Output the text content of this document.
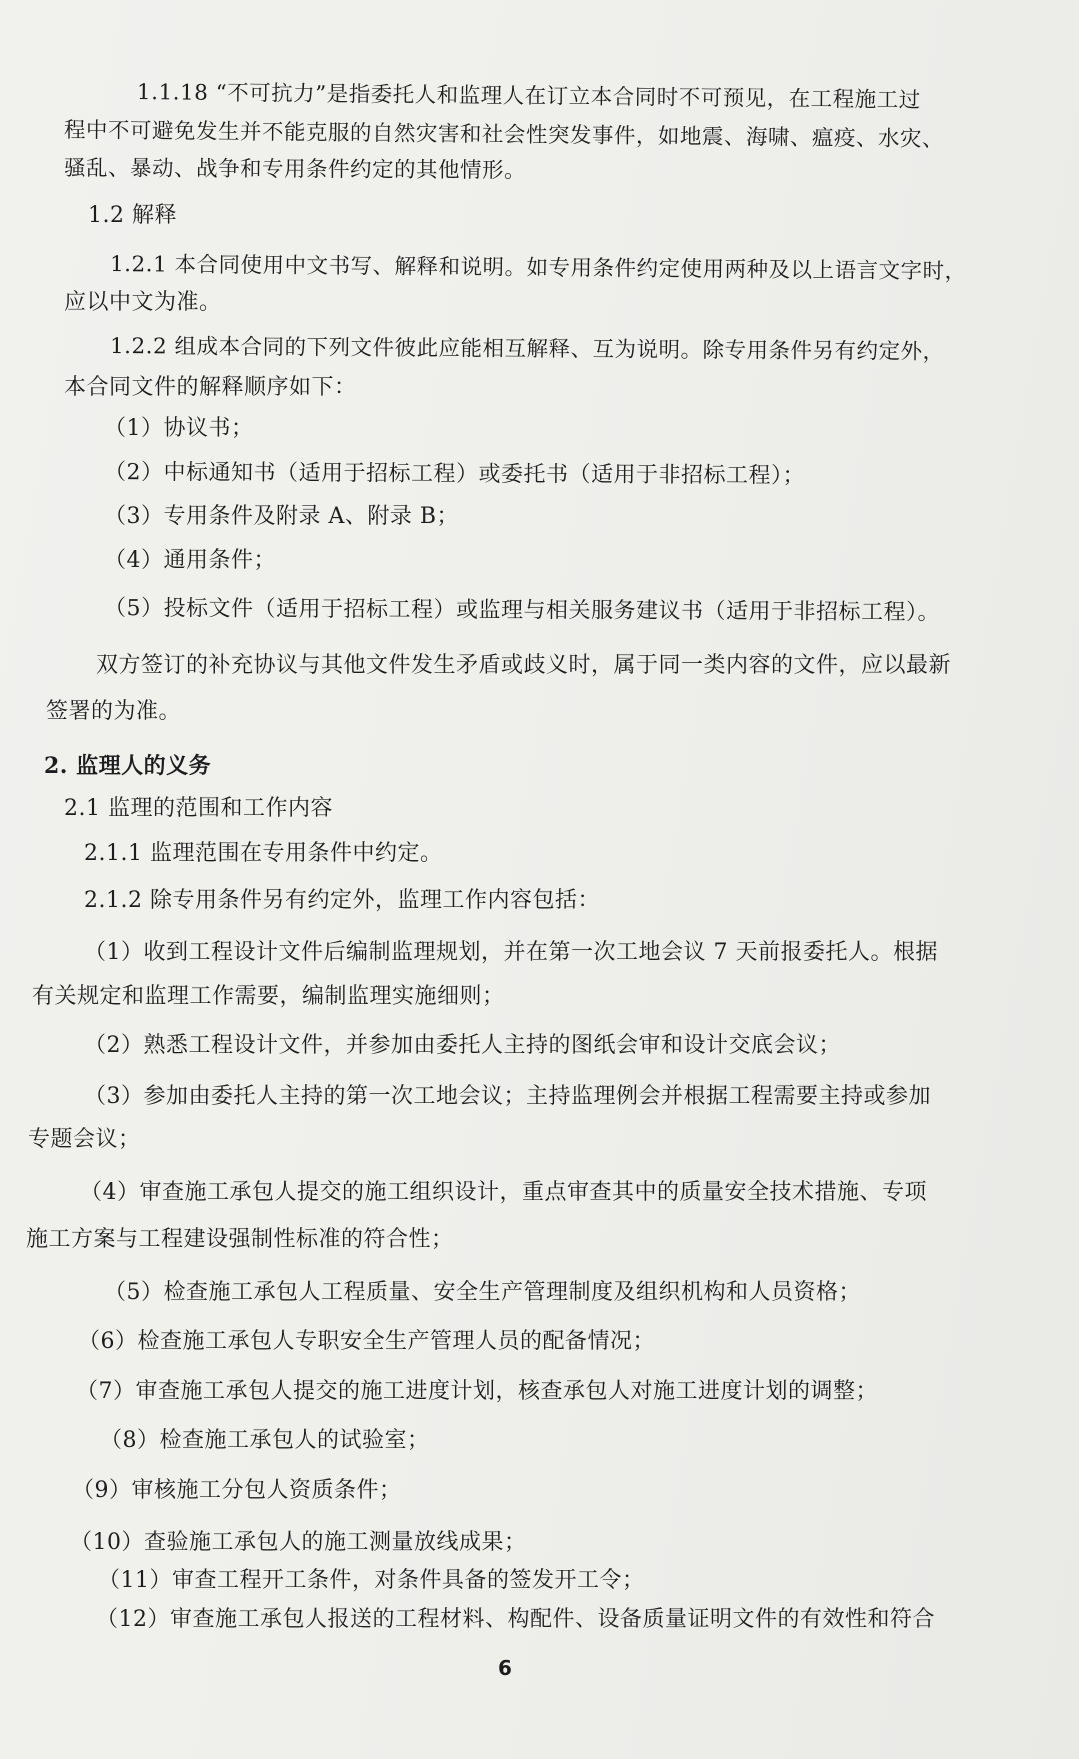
1.1.18 “不可抗力”是指委托人和监理人在订立本合同时不可预见，在工程施工过
程中不可避免发生并不能克服的自然灾害和社会性突发事件，如地震、海啸、瘟疫、水灾、
骚乱、暴动、战争和专用条件约定的其他情形。
1.2 解释
1.2.1 本合同使用中文书写、解释和说明。如专用条件约定使用两种及以上语言文字时，
应以中文为准。
1.2.2 组成本合同的下列文件彼此应能相互解释、互为说明。除专用条件另有约定外，
本合同文件的解释顺序如下：
（1）协议书；
（2）中标通知书（适用于招标工程）或委托书（适用于非招标工程）；
（3）专用条件及附录 A、附录 B；
（4）通用条件；
（5）投标文件（适用于招标工程）或监理与相关服务建议书（适用于非招标工程）。
双方签订的补充协议与其他文件发生矛盾或歧义时，属于同一类内容的文件，应以最新
签署的为准。
2. 监理人的义务
2.1 监理的范围和工作内容
2.1.1 监理范围在专用条件中约定。
2.1.2 除专用条件另有约定外，监理工作内容包括：
（1）收到工程设计文件后编制监理规划，并在第一次工地会议 7 天前报委托人。根据
有关规定和监理工作需要，编制监理实施细则；
（2）熟悉工程设计文件，并参加由委托人主持的图纸会审和设计交底会议；
（3）参加由委托人主持的第一次工地会议；主持监理例会并根据工程需要主持或参加
专题会议；
（4）审查施工承包人提交的施工组织设计，重点审查其中的质量安全技术措施、专项
施工方案与工程建设强制性标准的符合性；
（5）检查施工承包人工程质量、安全生产管理制度及组织机构和人员资格；
（6）检查施工承包人专职安全生产管理人员的配备情况；
（7）审查施工承包人提交的施工进度计划，核查承包人对施工进度计划的调整；
（8）检查施工承包人的试验室；
（9）审核施工分包人资质条件；
（10）查验施工承包人的施工测量放线成果；
（11）审查工程开工条件，对条件具备的签发开工令；
（12）审查施工承包人报送的工程材料、构配件、设备质量证明文件的有效性和符合
6
